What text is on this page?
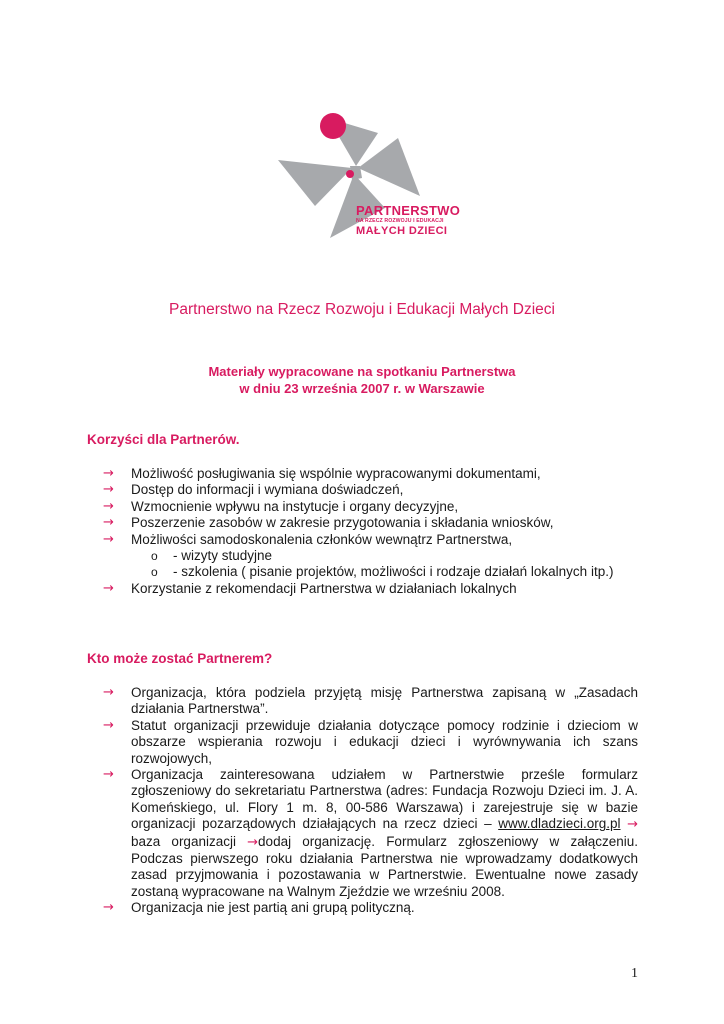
PARTNERSTWO
NA RZECZ ROZWOJU I EDUKACJI
MAŁYCH DZIECI
Partnerstwo na Rzecz Rozwoju i Edukacji Małych Dzieci
Materiały wypracowane na spotkaniu Partnerstwa
w dniu 23 września 2007 r. w Warszawie
Korzyści dla Partnerów.
→ Możliwość posługiwania się wspólnie wypracowanymi dokumentami,
→ Dostęp do informacji i wymiana doświadczeń,
→ Wzmocnienie wpływu na instytucje i organy decyzyjne,
→ Poszerzenie zasobów w zakresie przygotowania i składania wniosków,
→ Możliwości samodoskonalenia członków wewnątrz Partnerstwa,
o - wizyty studyjne
o - szkolenia ( pisanie projektów, możliwości i rodzaje działań lokalnych itp.)
→ Korzystanie z rekomendacji Partnerstwa w działaniach lokalnych
Kto może zostać Partnerem?
→ Organizacja, która podziela przyjętą misję Partnerstwa zapisaną w „Zasadach działania Partnerstwa”.
→ Statut organizacji przewiduje działania dotyczące pomocy rodzinie i dzieciom w obszarze wspierania rozwoju i edukacji dzieci i wyrównywania ich szans rozwojowych,
→ Organizacja zainteresowana udziałem w Partnerstwie prześle formularz zgłoszeniowy do sekretariatu Partnerstwa (adres: Fundacja Rozwoju Dzieci im. J. A. Komeńskiego, ul. Flory 1 m. 8, 00-586 Warszawa) i zarejestruje się w bazie organizacji pozarządowych działających na rzecz dzieci – www.dladzieci.org.pl → baza organizacji →dodaj organizację. Formularz zgłoszeniowy w załączeniu. Podczas pierwszego roku działania Partnerstwa nie wprowadzamy dodatkowych zasad przyjmowania i pozostawania w Partnerstwie. Ewentualne nowe zasady zostaną wypracowane na Walnym Zjeździe we wrześniu 2008.
→ Organizacja nie jest partią ani grupą polityczną.
1
